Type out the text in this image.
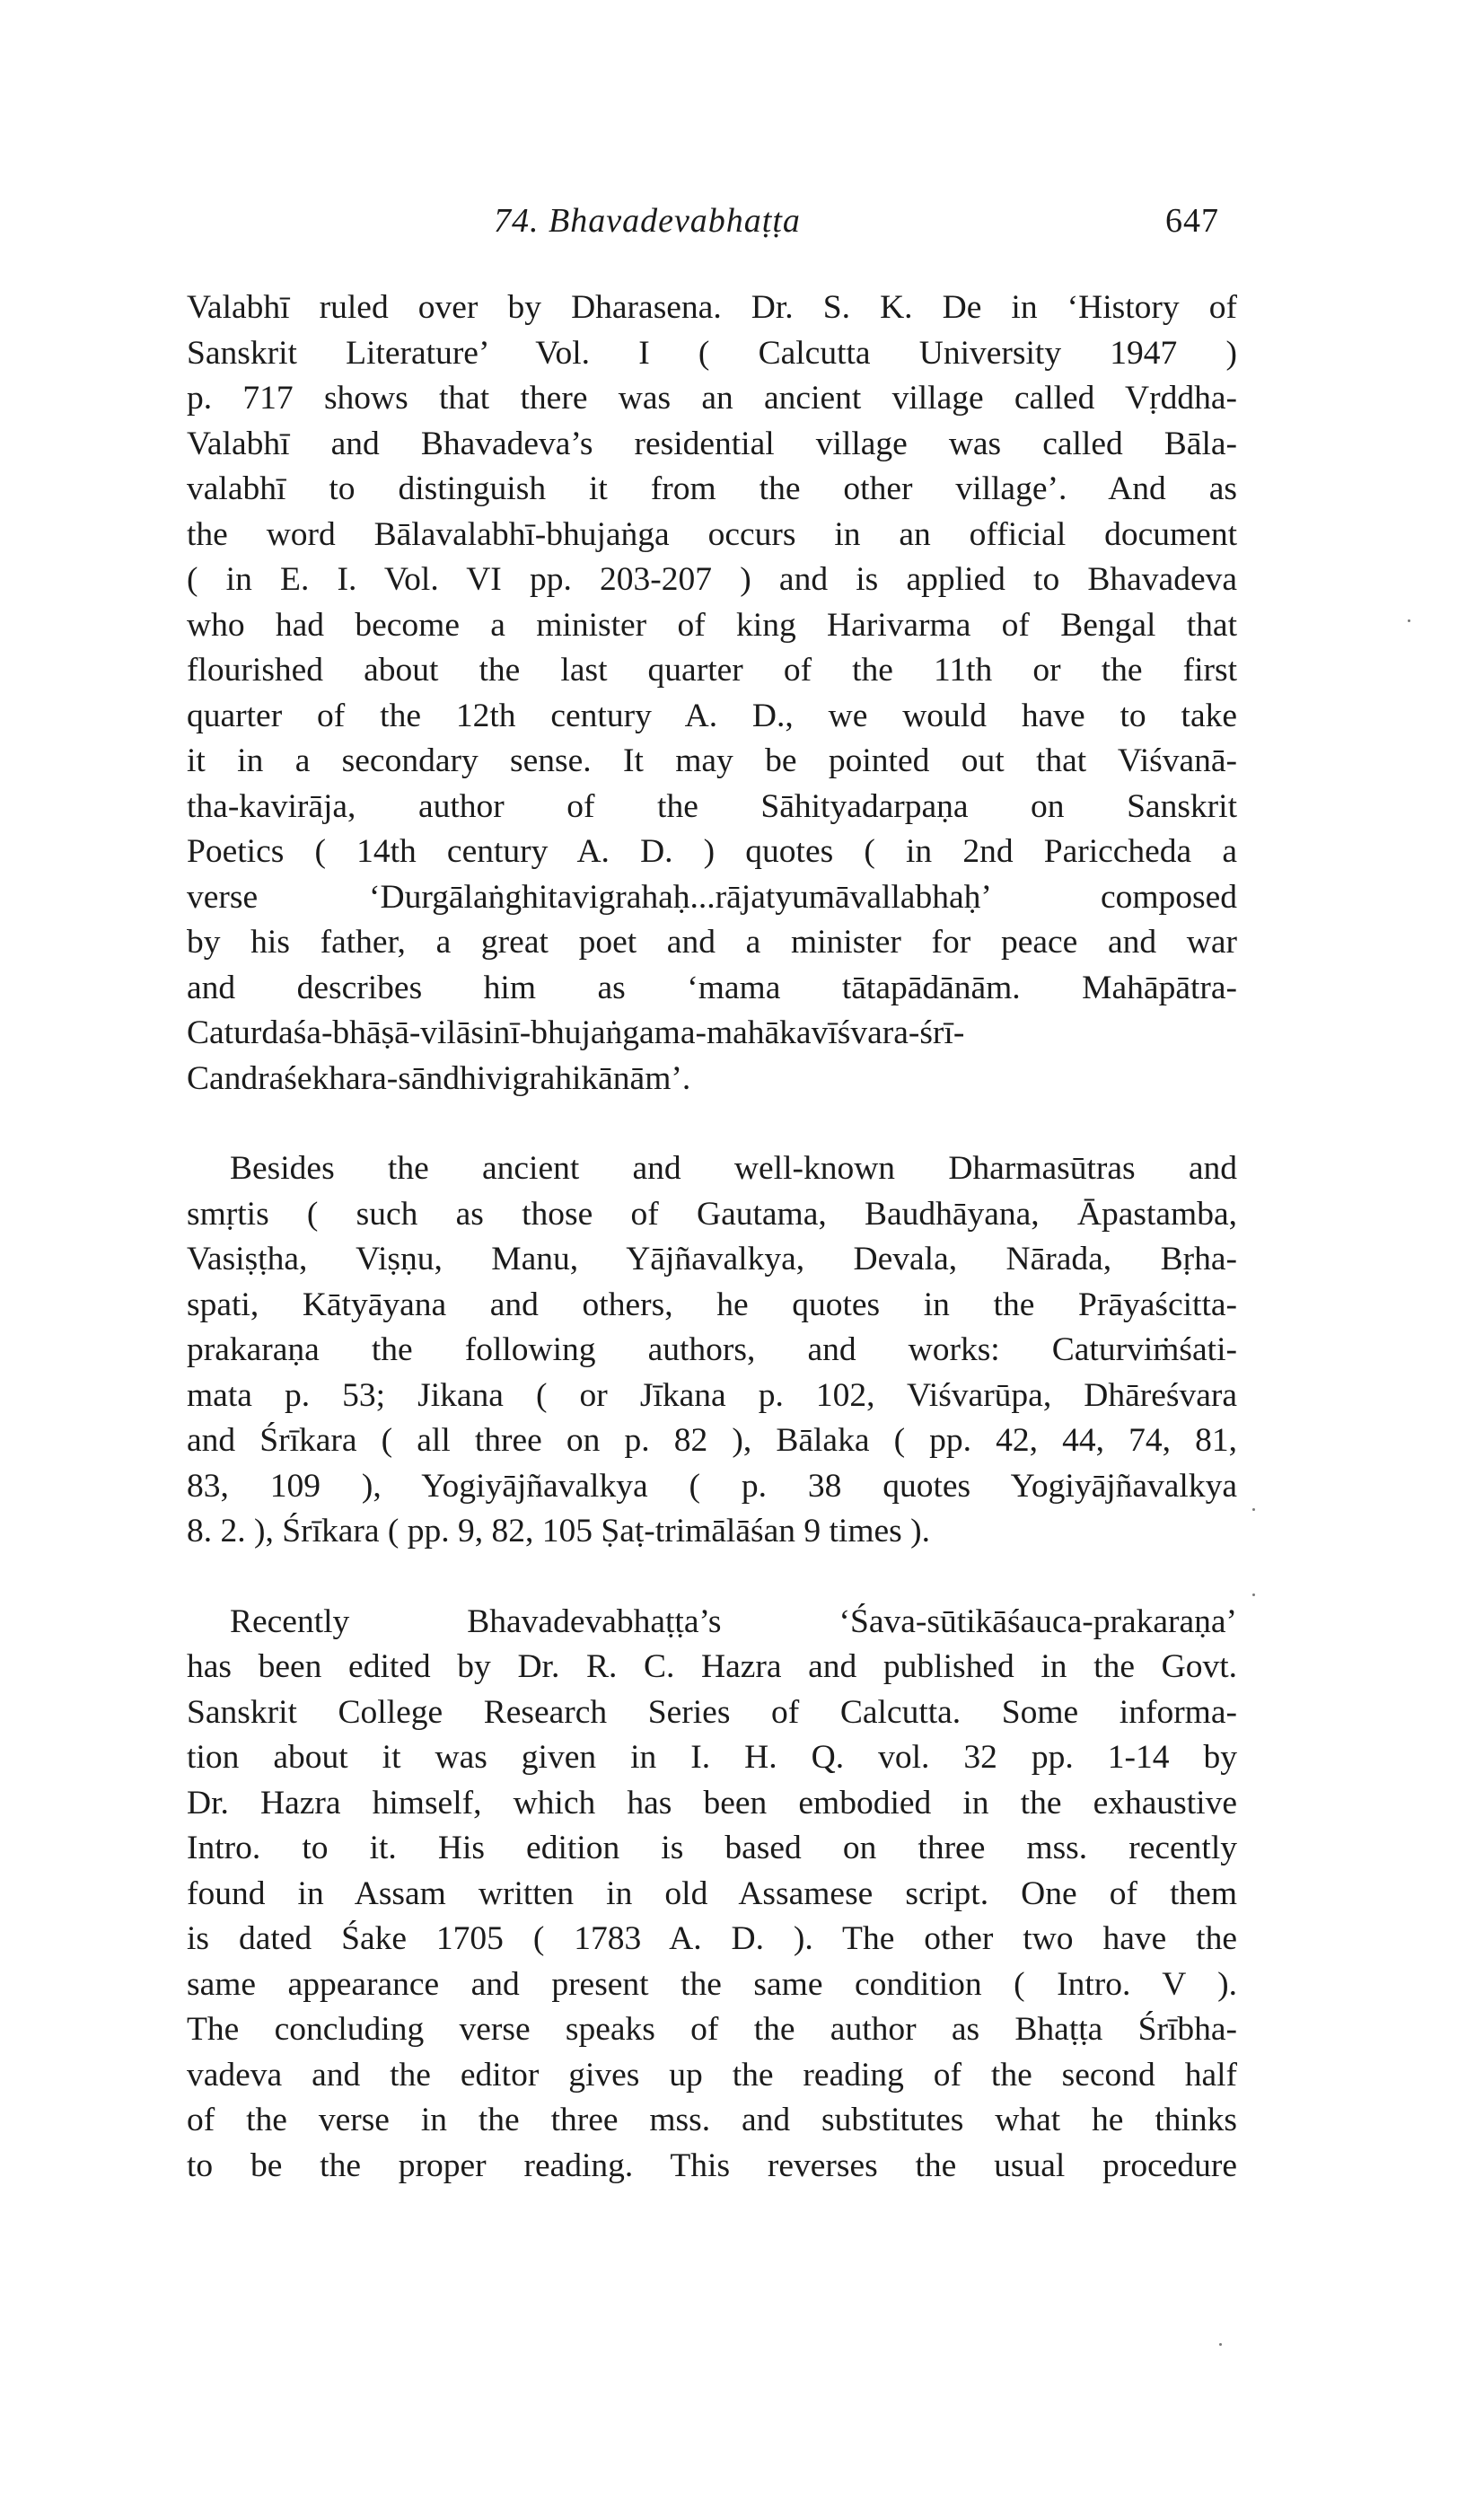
74. Bhavadevabhaṭṭa	647
Valabhī ruled over by Dharasena. Dr. S. K. De in ‘History of
Sanskrit Literature’ Vol. I ( Calcutta University 1947 )
p. 717 shows that there was an ancient village called Vṛddha-
Valabhī and Bhavadeva’s residential village was called Bāla-
valabhī to distinguish it from the other village’. And as
the word Bālavalabhī-bhujaṅga occurs in an official document
( in E. I. Vol. VI pp. 203-207 ) and is applied to Bhavadeva
who had become a minister of king Harivarma of Bengal that
flourished about the last quarter of the 11th or the first
quarter of the 12th century A. D., we would have to take
it in a secondary sense. It may be pointed out that Viśvanā-
tha-kavirāja, author of the Sāhityadarpaṇa on Sanskrit
Poetics ( 14th century A. D. ) quotes ( in 2nd Pariccheda a
verse ‘Durgālaṅghitavigrahaḥ...rājatyumāvallabhaḥ’ composed
by his father, a great poet and a minister for peace and war
and describes him as ‘mama tātapādānām. Mahāpātra-
Caturdaśa-bhāṣā-vilāsinī-bhujaṅgama-mahākavīśvara-śrī-
Candraśekhara-sāndhivigrahikānām’.
Besides the ancient and well-known Dharmasūtras and
smṛtis ( such as those of Gautama, Baudhāyana, Āpastamba,
Vasiṣṭha, Viṣṇu, Manu, Yājñavalkya, Devala, Nārada, Bṛha-
spati, Kātyāyana and others, he quotes in the Prāyaścitta-
prakaraṇa the following authors, and works: Caturviṁśati-
mata p. 53; Jikana ( or Jīkana p. 102, Viśvarūpa, Dhāreśvara
and Śrīkara ( all three on p. 82 ), Bālaka ( pp. 42, 44, 74, 81,
83, 109 ), Yogiyājñavalkya ( p. 38 quotes Yogiyājñavalkya
8. 2. ), Śrīkara ( pp. 9, 82, 105 Ṣaṭ-trimālāśan 9 times ).
Recently Bhavadevabhaṭṭa’s ‘Śava-sūtikāśauca-prakaraṇa’
has been edited by Dr. R. C. Hazra and published in the Govt.
Sanskrit College Research Series of Calcutta. Some informa-
tion about it was given in I. H. Q. vol. 32 pp. 1-14 by
Dr. Hazra himself, which has been embodied in the exhaustive
Intro. to it. His edition is based on three mss. recently
found in Assam written in old Assamese script. One of them
is dated Śake 1705 ( 1783 A. D. ). The other two have the
same appearance and present the same condition ( Intro. V ).
The concluding verse speaks of the author as Bhaṭṭa Śrībha-
vadeva and the editor gives up the reading of the second half
of the verse in the three mss. and substitutes what he thinks
to be the proper reading. This reverses the usual procedure
